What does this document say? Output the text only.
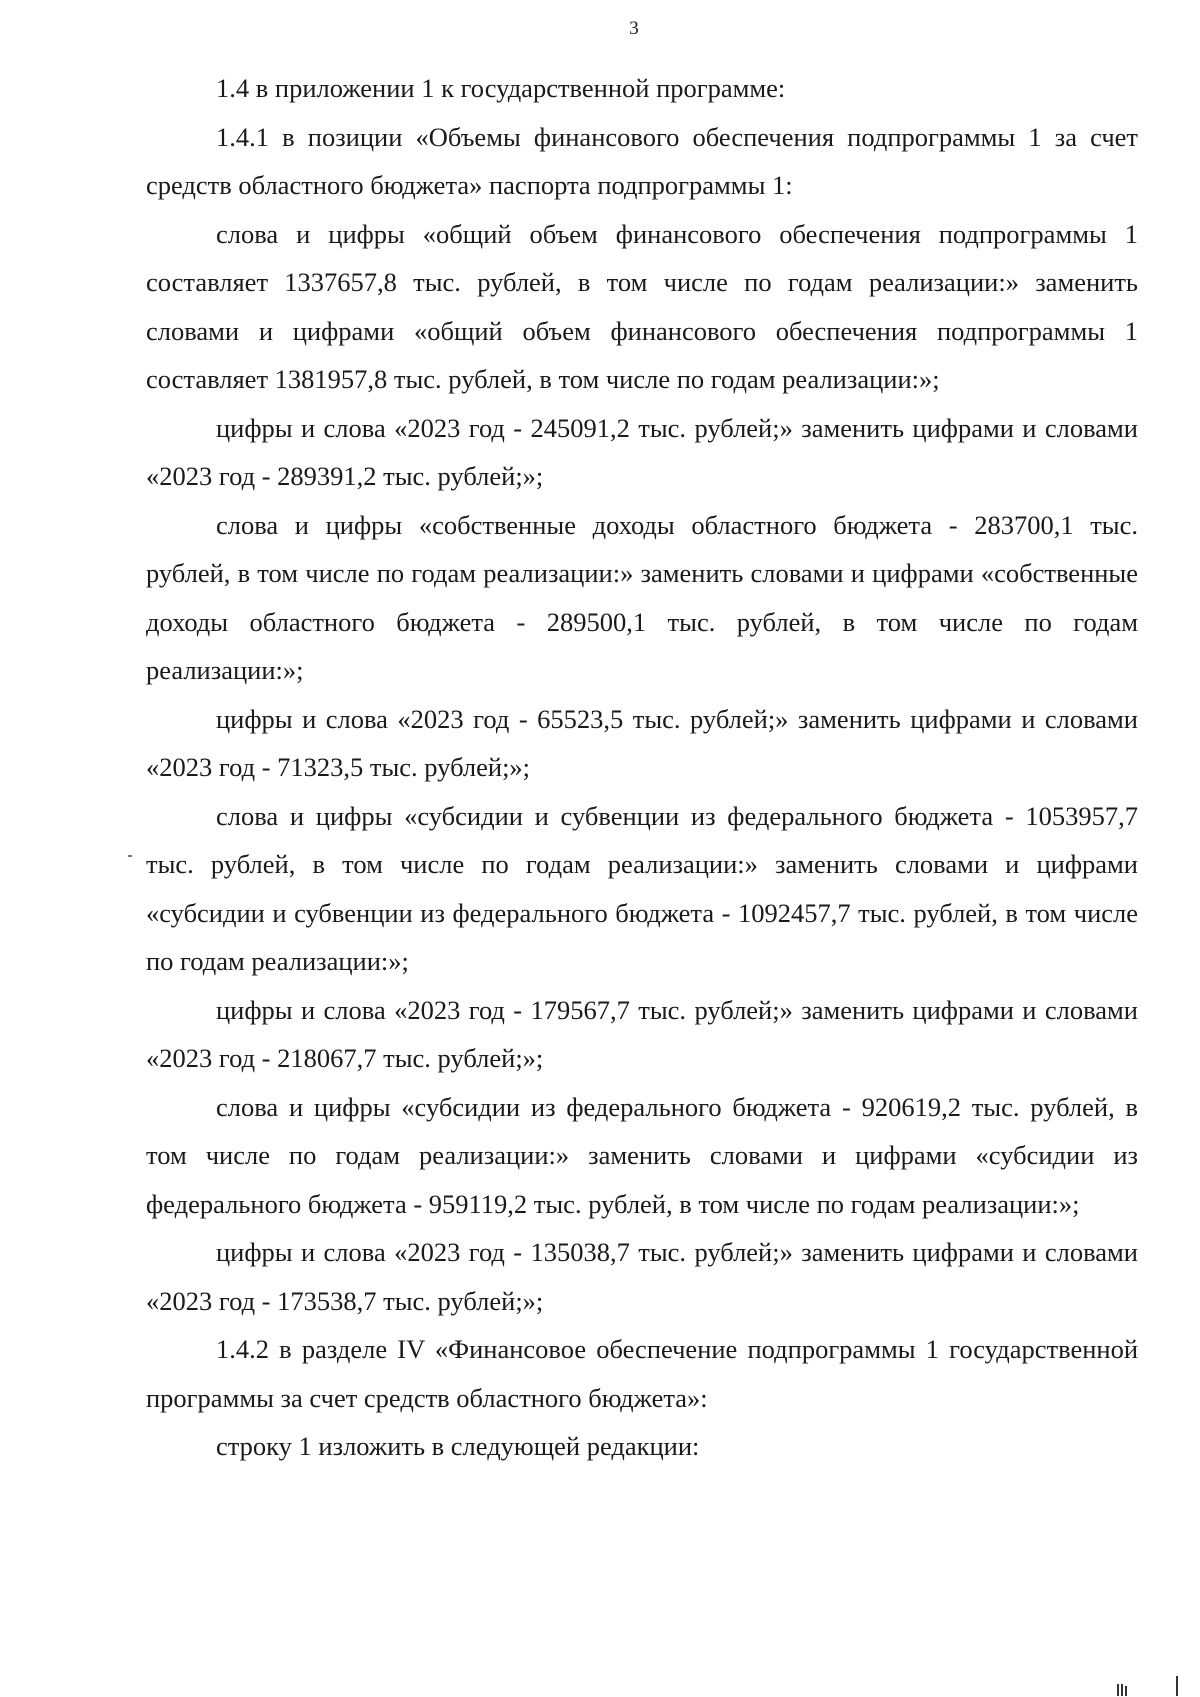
3

1.4 в приложении 1 к государственной программе:

1.4.1 в позиции «Объемы финансового обеспечения подпрограммы 1 за счет средств областного бюджета» паспорта подпрограммы 1:

слова и цифры «общий объем финансового обеспечения подпрограммы 1 составляет 1337657,8 тыс. рублей, в том числе по годам реализации:» заменить словами и цифрами «общий объем финансового обеспечения подпрограммы 1 составляет 1381957,8 тыс. рублей, в том числе по годам реализации:»;

цифры и слова «2023 год - 245091,2 тыс. рублей;» заменить цифрами и словами «2023 год - 289391,2 тыс. рублей;»;

слова и цифры «собственные доходы областного бюджета - 283700,1 тыс. рублей, в том числе по годам реализации:» заменить словами и цифрами «собственные доходы областного бюджета - 289500,1 тыс. рублей, в том числе по годам реализации:»;

цифры и слова «2023 год - 65523,5 тыс. рублей;» заменить цифрами и словами «2023 год - 71323,5 тыс. рублей;»;

слова и цифры «субсидии и субвенции из федерального бюджета - 1053957,7 тыс. рублей, в том числе по годам реализации:» заменить словами и цифрами «субсидии и субвенции из федерального бюджета - 1092457,7 тыс. рублей, в том числе по годам реализации:»;

цифры и слова «2023 год - 179567,7 тыс. рублей;» заменить цифрами и словами «2023 год - 218067,7 тыс. рублей;»;

слова и цифры «субсидии из федерального бюджета - 920619,2 тыс. рублей, в том числе по годам реализации:» заменить словами и цифрами «субсидии из федерального бюджета - 959119,2 тыс. рублей, в том числе по годам реализации:»;

цифры и слова «2023 год - 135038,7 тыс. рублей;» заменить цифрами и словами «2023 год - 173538,7 тыс. рублей;»;

1.4.2 в разделе IV «Финансовое обеспечение подпрограммы 1 государственной программы за счет средств областного бюджета»:

строку 1 изложить в следующей редакции:
